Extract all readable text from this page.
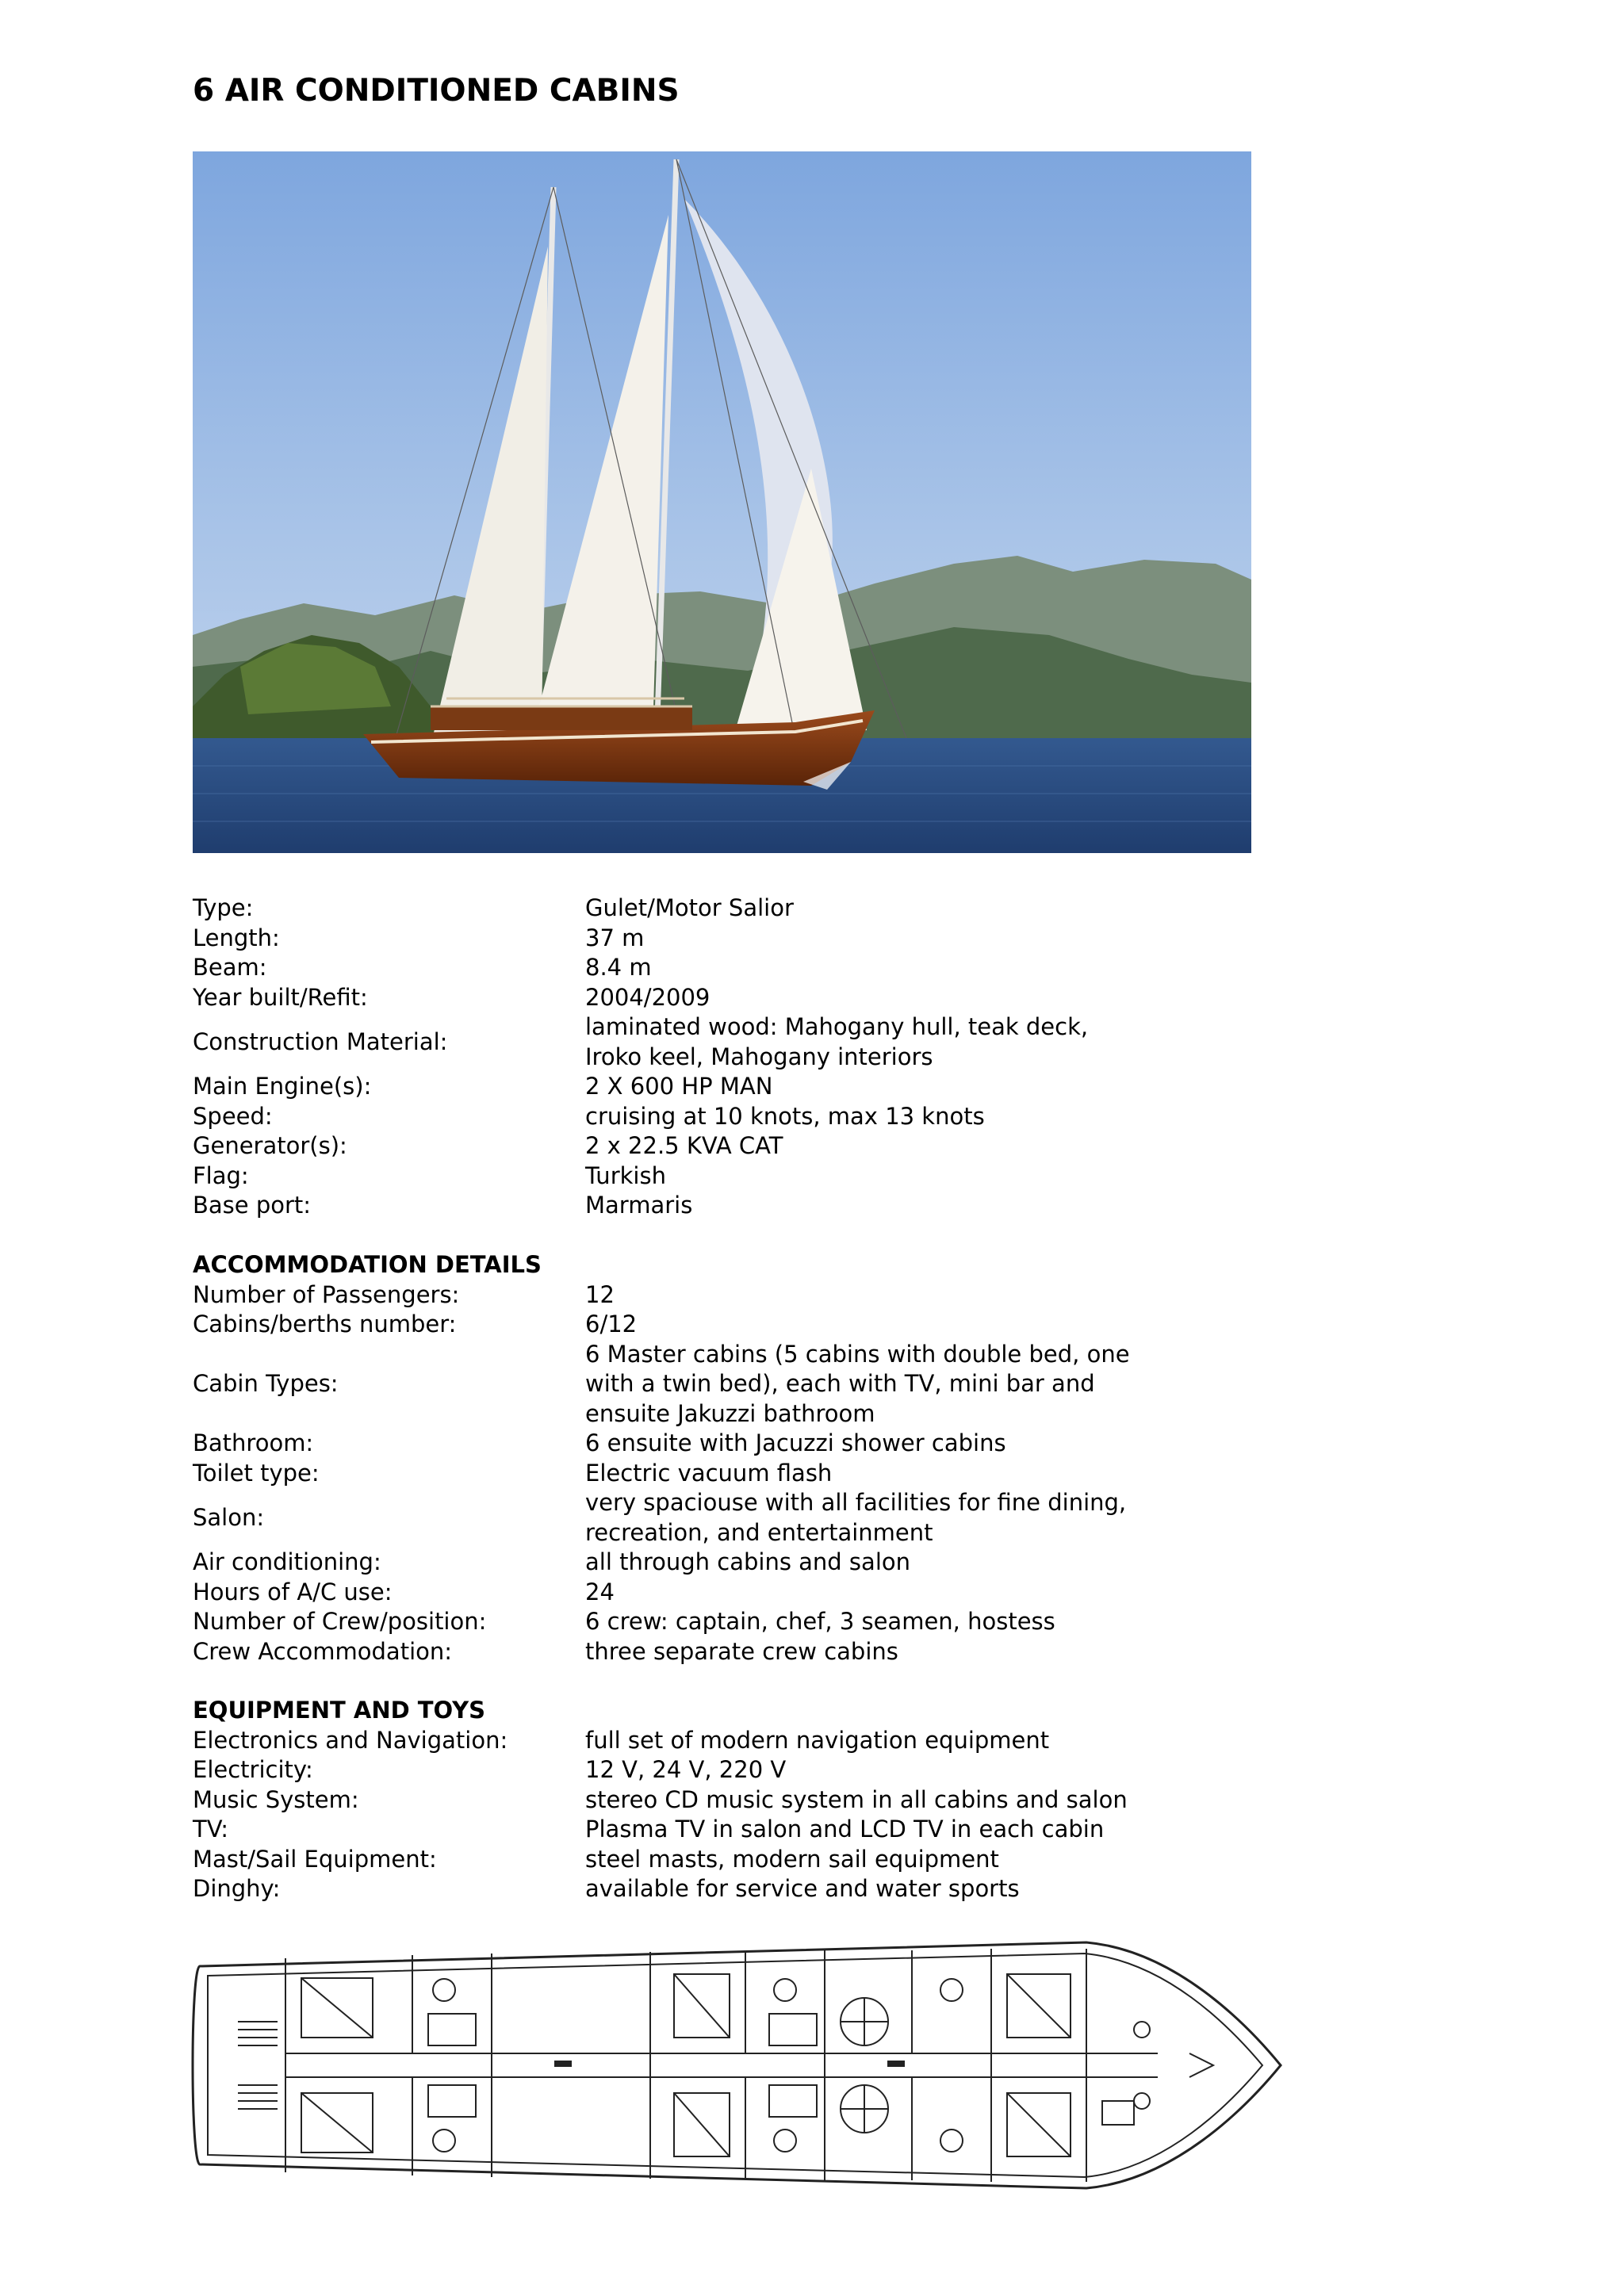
6 AIR CONDITIONED CABINS
Type:	Gulet/Motor Salior
Length:	37 m
Beam:	8.4 m
Year built/Refit:	2004/2009
Construction Material:
laminated wood: Mahogany hull, teak deck,
Iroko keel, Mahogany interiors
Main Engine(s):	2 X 600 HP MAN
Speed:	cruising at 10 knots, max 13 knots
Generator(s):	2 x 22.5 KVA CAT
Flag:	Turkish
Base port:	Marmaris
ACCOMMODATION DETAILS
Number of Passengers:	12
Cabins/berths number:	6/12
Cabin Types:
6 Master cabins (5 cabins with double bed, one
with a twin bed), each with TV, mini bar and
ensuite Jakuzzi bathroom
Bathroom:	6 ensuite with Jacuzzi shower cabins
Toilet type:	Electric vacuum flash
Salon:
very spaciouse with all facilities for fine dining,
recreation, and entertainment
Air conditioning:	all through cabins and salon
Hours of A/C use:	24
Number of Crew/position:	6 crew: captain, chef, 3 seamen, hostess
Crew Accommodation:	three separate crew cabins
EQUIPMENT AND TOYS
Electronics and Navigation:	full set of modern navigation equipment
Electricity:	12 V, 24 V, 220 V
Music System:	stereo CD music system in all cabins and salon
TV:	Plasma TV in salon and LCD TV in each cabin
Mast/Sail Equipment:	steel masts, modern sail equipment
Dinghy:	available for service and water sports
